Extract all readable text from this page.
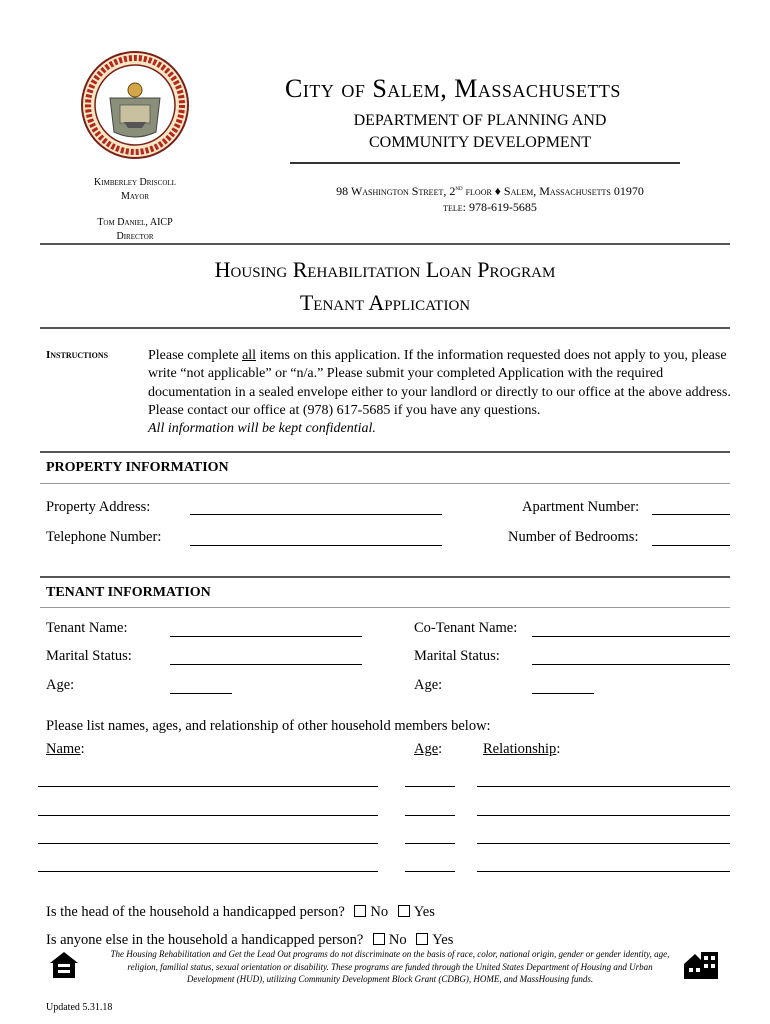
City of Salem, Massachusetts
DEPARTMENT OF PLANNING AND
COMMUNITY DEVELOPMENT
98 Washington Street, 2nd floor ♦ Salem, Massachusetts 01970
tele: 978-619-5685
Kimberley Driscoll
Mayor
Tom Daniel, AICP
Director
Housing Rehabilitation Loan Program
Tenant Application
Instructions	Please complete all items on this application. If the information requested does not apply to you, please write “not applicable” or “n/a.” Please submit your completed Application with the required documentation in a sealed envelope either to your landlord or directly to our office at the above address. Please contact our office at (978) 617-5685 if you have any questions.
All information will be kept confidential.
PROPERTY INFORMATION
Property Address:	Apartment Number:
Telephone Number:	Number of Bedrooms:
TENANT INFORMATION
Tenant Name:	Co-Tenant Name:
Marital Status:	Marital Status:
Age:	Age:
Please list names, ages, and relationship of other household members below:
Name:	Age:	Relationship:
Is the head of the household a handicapped person? No Yes
Is anyone else in the household a handicapped person? No Yes
The Housing Rehabilitation and Get the Lead Out programs do not discriminate on the basis of race, color, national origin, gender or gender identity, age, religion, familial status, sexual orientation or disability. These programs are funded through the United States Department of Housing and Urban Development (HUD), utilizing Community Development Block Grant (CDBG), HOME, and MassHousing funds.
Updated 5.31.18
